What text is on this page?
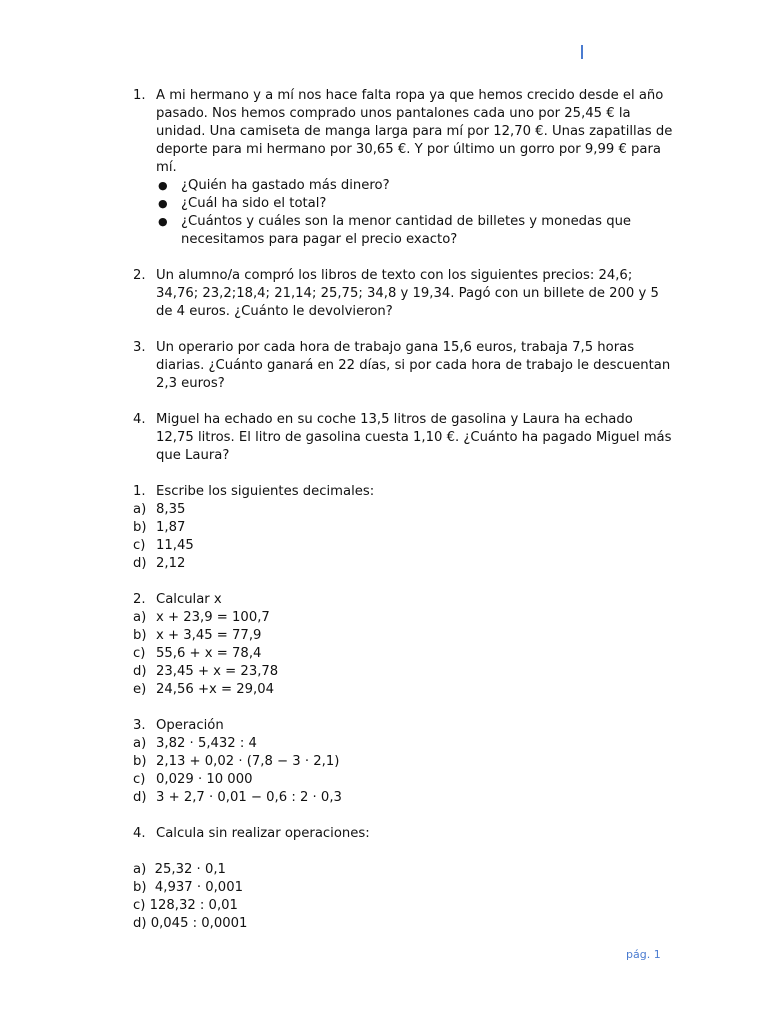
1. A mi hermano y a mí nos hace falta ropa ya que hemos crecido desde el año pasado. Nos hemos comprado unos pantalones cada uno por 25,45 € la unidad. Una camiseta de manga larga para mí por 12,70 €. Unas zapatillas de deporte para mi hermano por 30,65 €. Y por último un gorro por 9,99 € para mí.
●	¿Quién ha gastado más dinero?
●	¿Cuál ha sido el total?
●	¿Cuántos y cuáles son la menor cantidad de billetes y monedas que necesitamos para pagar el precio exacto?
2. Un alumno/a compró los libros de texto con los siguientes precios: 24,6; 34,76; 23,2;18,4; 21,14; 25,75; 34,8 y 19,34. Pagó con un billete de 200 y 5 de 4 euros. ¿Cuánto le devolvieron?
3. Un operario por cada hora de trabajo gana 15,6 euros, trabaja 7,5 horas diarias. ¿Cuánto ganará en 22 días, si por cada hora de trabajo le descuentan 2,3 euros?
4. Miguel ha echado en su coche 13,5 litros de gasolina y Laura ha echado 12,75 litros. El litro de gasolina cuesta 1,10 €. ¿Cuánto ha pagado Miguel más que Laura?
1. Escribe los siguientes decimales:
a) 8,35
b) 1,87
c) 11,45
d) 2,12
2. Calcular x
a) x + 23,9 = 100,7
b) x + 3,45 = 77,9
c) 55,6 + x = 78,4
d) 23,45 + x = 23,78
e) 24,56 +x = 29,04
3. Operación
a) 3,82 · 5,432 : 4
b) 2,13 + 0,02 · (7,8 − 3 · 2,1)
c) 0,029 · 10 000
d) 3 + 2,7 · 0,01 − 0,6 : 2 · 0,3
4. Calcula sin realizar operaciones:
a)  25,32 · 0,1
b)  4,937 · 0,001
c) 128,32 : 0,01
d) 0,045 : 0,0001
pág. 1
